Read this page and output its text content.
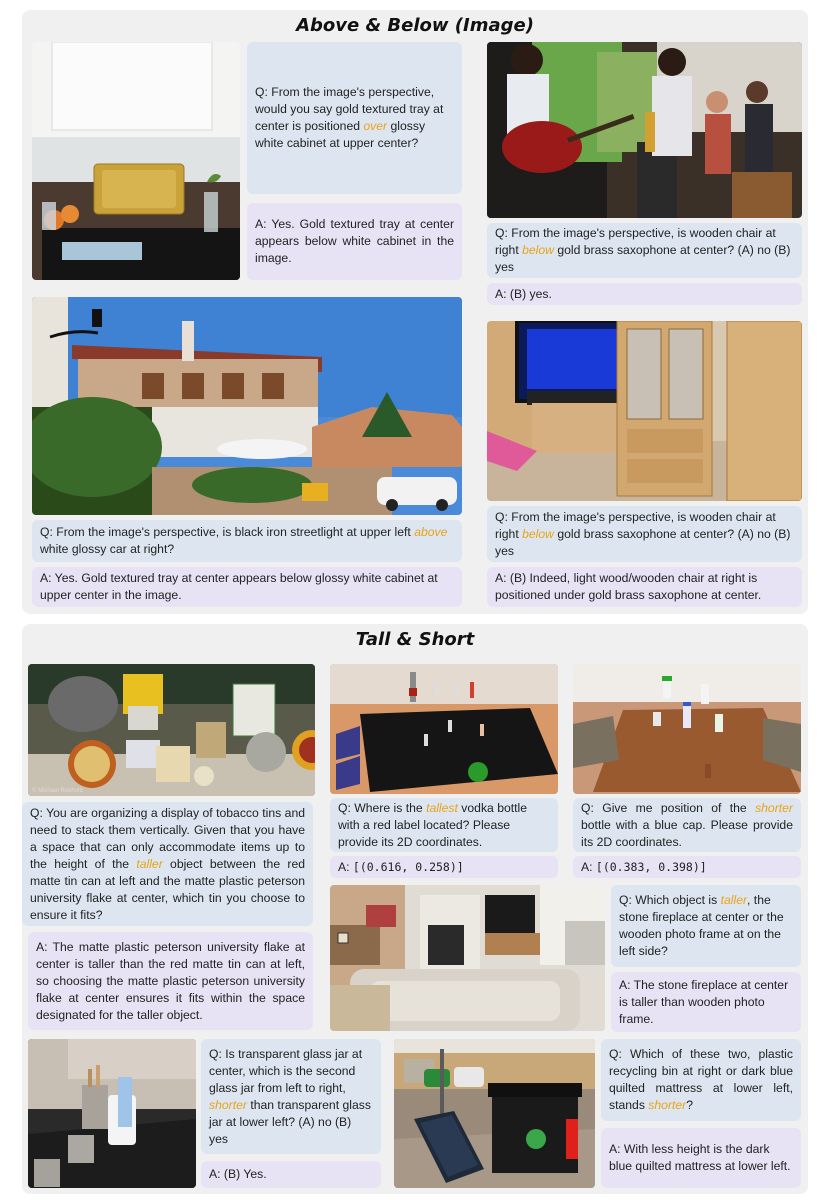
Above & Below (Image)
Q: From the image's perspective, would you say gold textured tray at center is positioned over glossy white cabinet at upper center?
A: Yes. Gold textured tray at center appears below white cabinet in the image.
Q: From the image's perspective, is wooden chair at right below gold brass saxophone at center? (A) no (B) yes
A: (B) yes.
Q: From the image's perspective, is black iron streetlight at upper left above white glossy car at right?
A: Yes. Gold textured tray at center appears below glossy white cabinet at upper center in the image.
Q: From the image's perspective, is wooden chair at right below gold brass saxophone at center? (A) no (B) yes
A: (B) Indeed, light wood/wooden chair at right is positioned under gold brass saxophone at center.
Tall & Short
© Michael Rebhold
Q: You are organizing a display of tobacco tins and need to stack them vertically. Given that you have a space that can only accommodate items up to the height of the taller object between the red matte tin can at left and the matte plastic peterson university flake at center, which tin you choose to ensure it fits?
A: The matte plastic peterson university flake at center is taller than the red matte tin can at left, so choosing the matte plastic peterson university flake at center ensures it fits within the space designated for the taller object.
Q: Where is the tallest vodka bottle with a red label located? Please provide its 2D coordinates.
A: [(0.616, 0.258)]
Q: Give me position of the shorter bottle with a blue cap. Please provide its 2D coordinates.
A: [(0.383, 0.398)]
Q: Which object is taller, the stone fireplace at center or the wooden photo frame at on the left side?
A: The stone fireplace at center is taller than wooden photo frame.
Q: Is transparent glass jar at center, which is the second glass jar from left to right, shorter than transparent glass jar at lower left? (A) no (B) yes
A: (B) Yes.
Q: Which of these two, plastic recycling bin at right or dark blue quilted mattress at lower left, stands shorter?
A: With less height is the dark blue quilted mattress at lower left.
